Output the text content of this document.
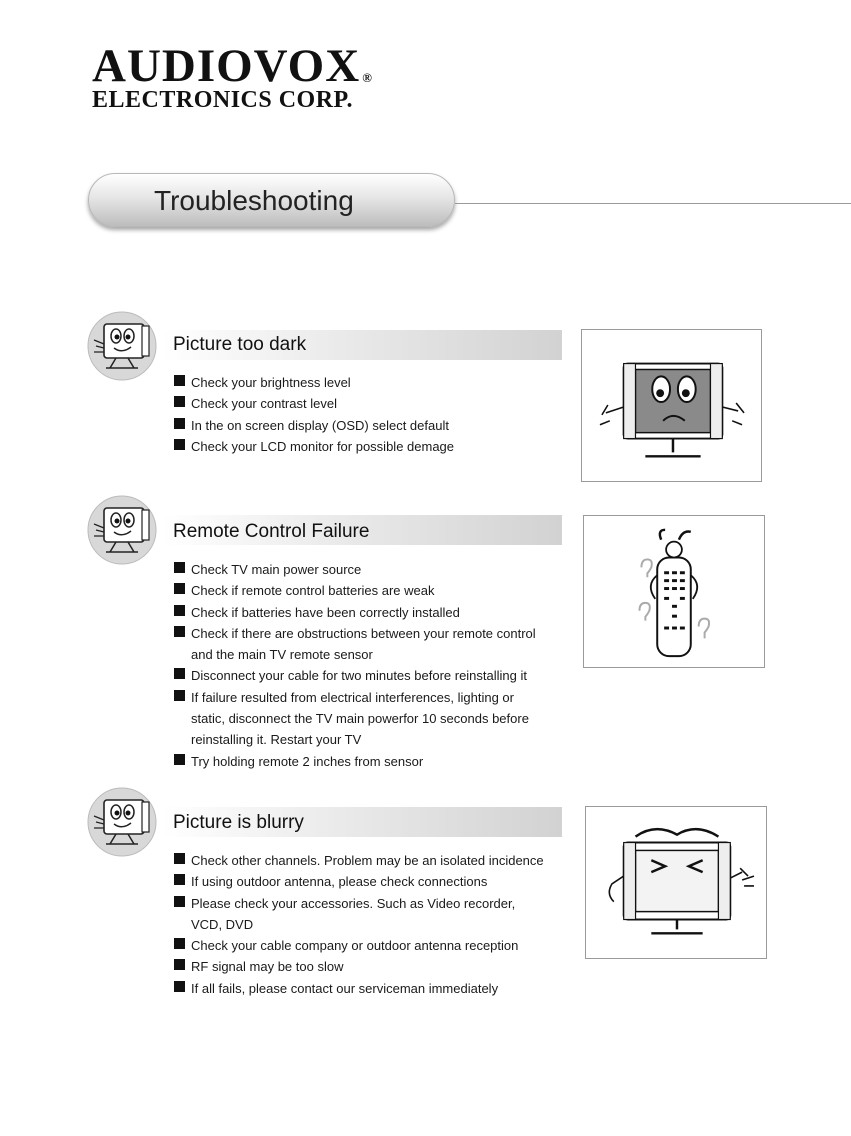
AUDIOVOX ®
ELECTRONICS CORP.
Troubleshooting
Picture too dark
Check your brightness level
Check your contrast level
In the on screen display (OSD) select default
Check your LCD monitor for possible demage
Remote Control Failure
Check TV main power source
Check if remote control batteries are weak
Check if batteries have been correctly installed
Check if there are obstructions between your remote control
and the main TV remote sensor
Disconnect your cable for two minutes before reinstalling it
If failure resulted from electrical interferences, lighting or
static, disconnect the TV main powerfor 10 seconds before
reinstalling it. Restart your TV
Try holding remote 2 inches from sensor
Picture is blurry
Check other channels. Problem may be an isolated incidence
If using outdoor antenna, please check connections
Please check your accessories. Such as Video recorder,
VCD, DVD
Check your cable company or outdoor antenna reception
RF signal may be too slow
If all fails, please contact our serviceman immediately
